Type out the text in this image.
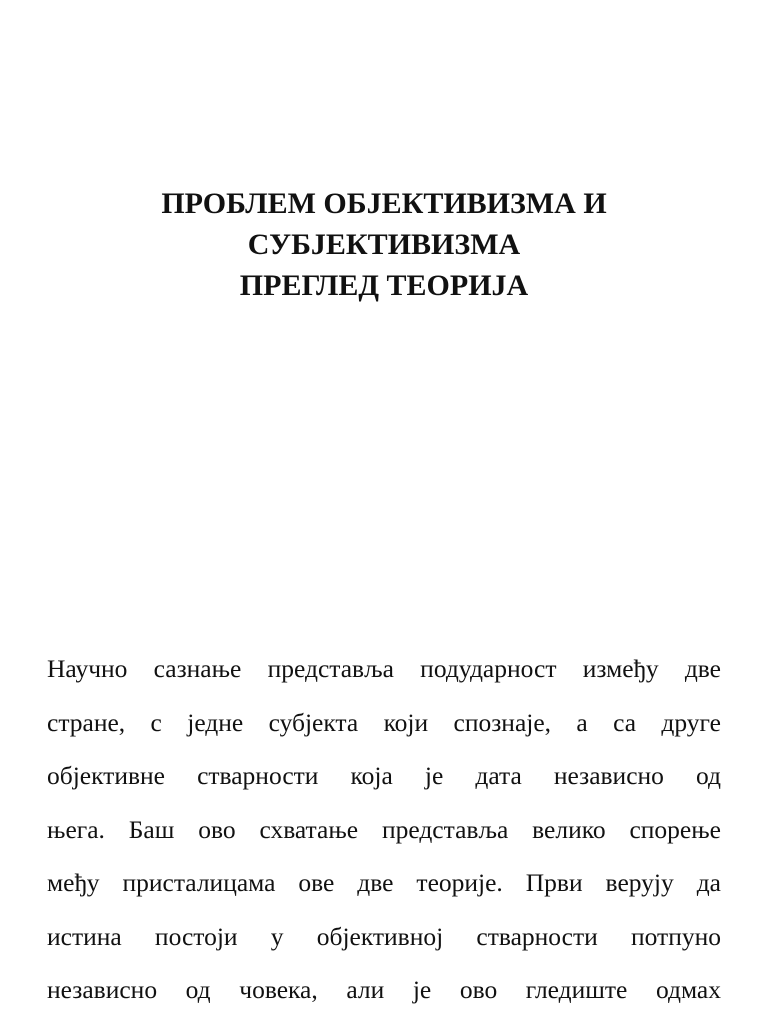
ПРОБЛЕМ ОБЈЕКТИВИЗМА И
СУБЈЕКТИВИЗМА
ПРЕГЛЕД ТЕОРИЈА
Научно сазнање представља подударност између две
стране, с једне субјекта који спознаје, а са друге
објективне стварности која је дата независно од
њега. Баш ово схватање представља велико спорење
међу присталицама ове две теорије. Први верују да
истина постоји у објективној стварности потпуно
независно од човека, али је ово гледиште одмах
